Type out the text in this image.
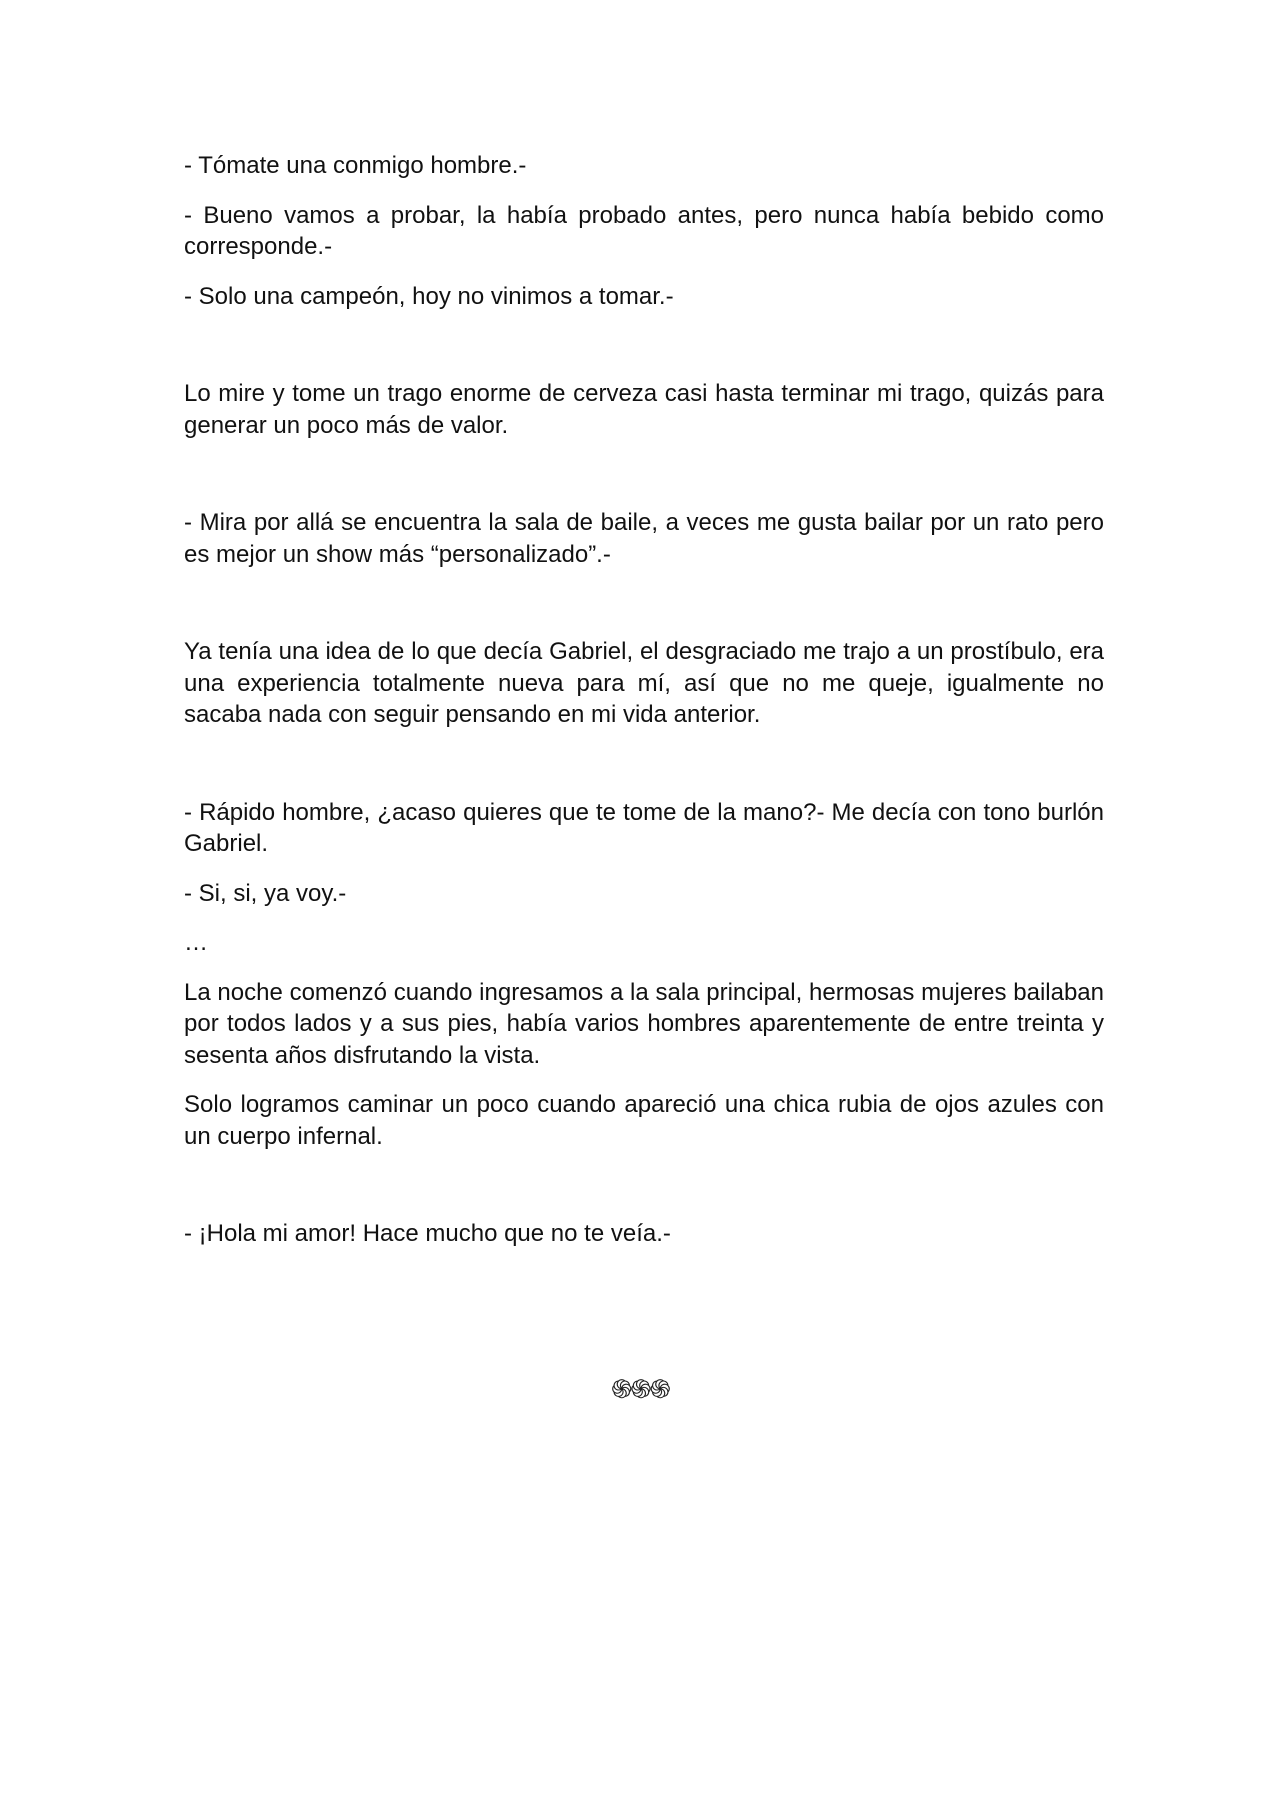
- Tómate una conmigo hombre.-

- Bueno vamos a probar, la había probado antes, pero nunca había bebido como corresponde.-

- Solo una campeón, hoy no vinimos a tomar.-

Lo mire y tome un trago enorme de cerveza casi hasta terminar mi trago, quizás para generar un poco más de valor.

- Mira por allá se encuentra la sala de baile, a veces me gusta bailar por un rato pero es mejor un show más “personalizado”.-

Ya tenía una idea de lo que decía Gabriel, el desgraciado me trajo a un prostíbulo, era una experiencia totalmente nueva para mí, así que no me queje, igualmente no sacaba nada con seguir pensando en mi vida anterior.

- Rápido hombre, ¿acaso quieres que te tome de la mano?- Me decía con tono burlón Gabriel.

- Si, si, ya voy.-

…

La noche comenzó cuando ingresamos a la sala principal, hermosas mujeres bailaban por todos lados y a sus pies, había varios hombres aparentemente de entre treinta y sesenta años disfrutando la vista.

Solo logramos caminar un poco cuando apareció una chica rubia de ojos azules con un cuerpo infernal.

- ¡Hola mi amor! Hace mucho que no te veía.-

֍֍֍
